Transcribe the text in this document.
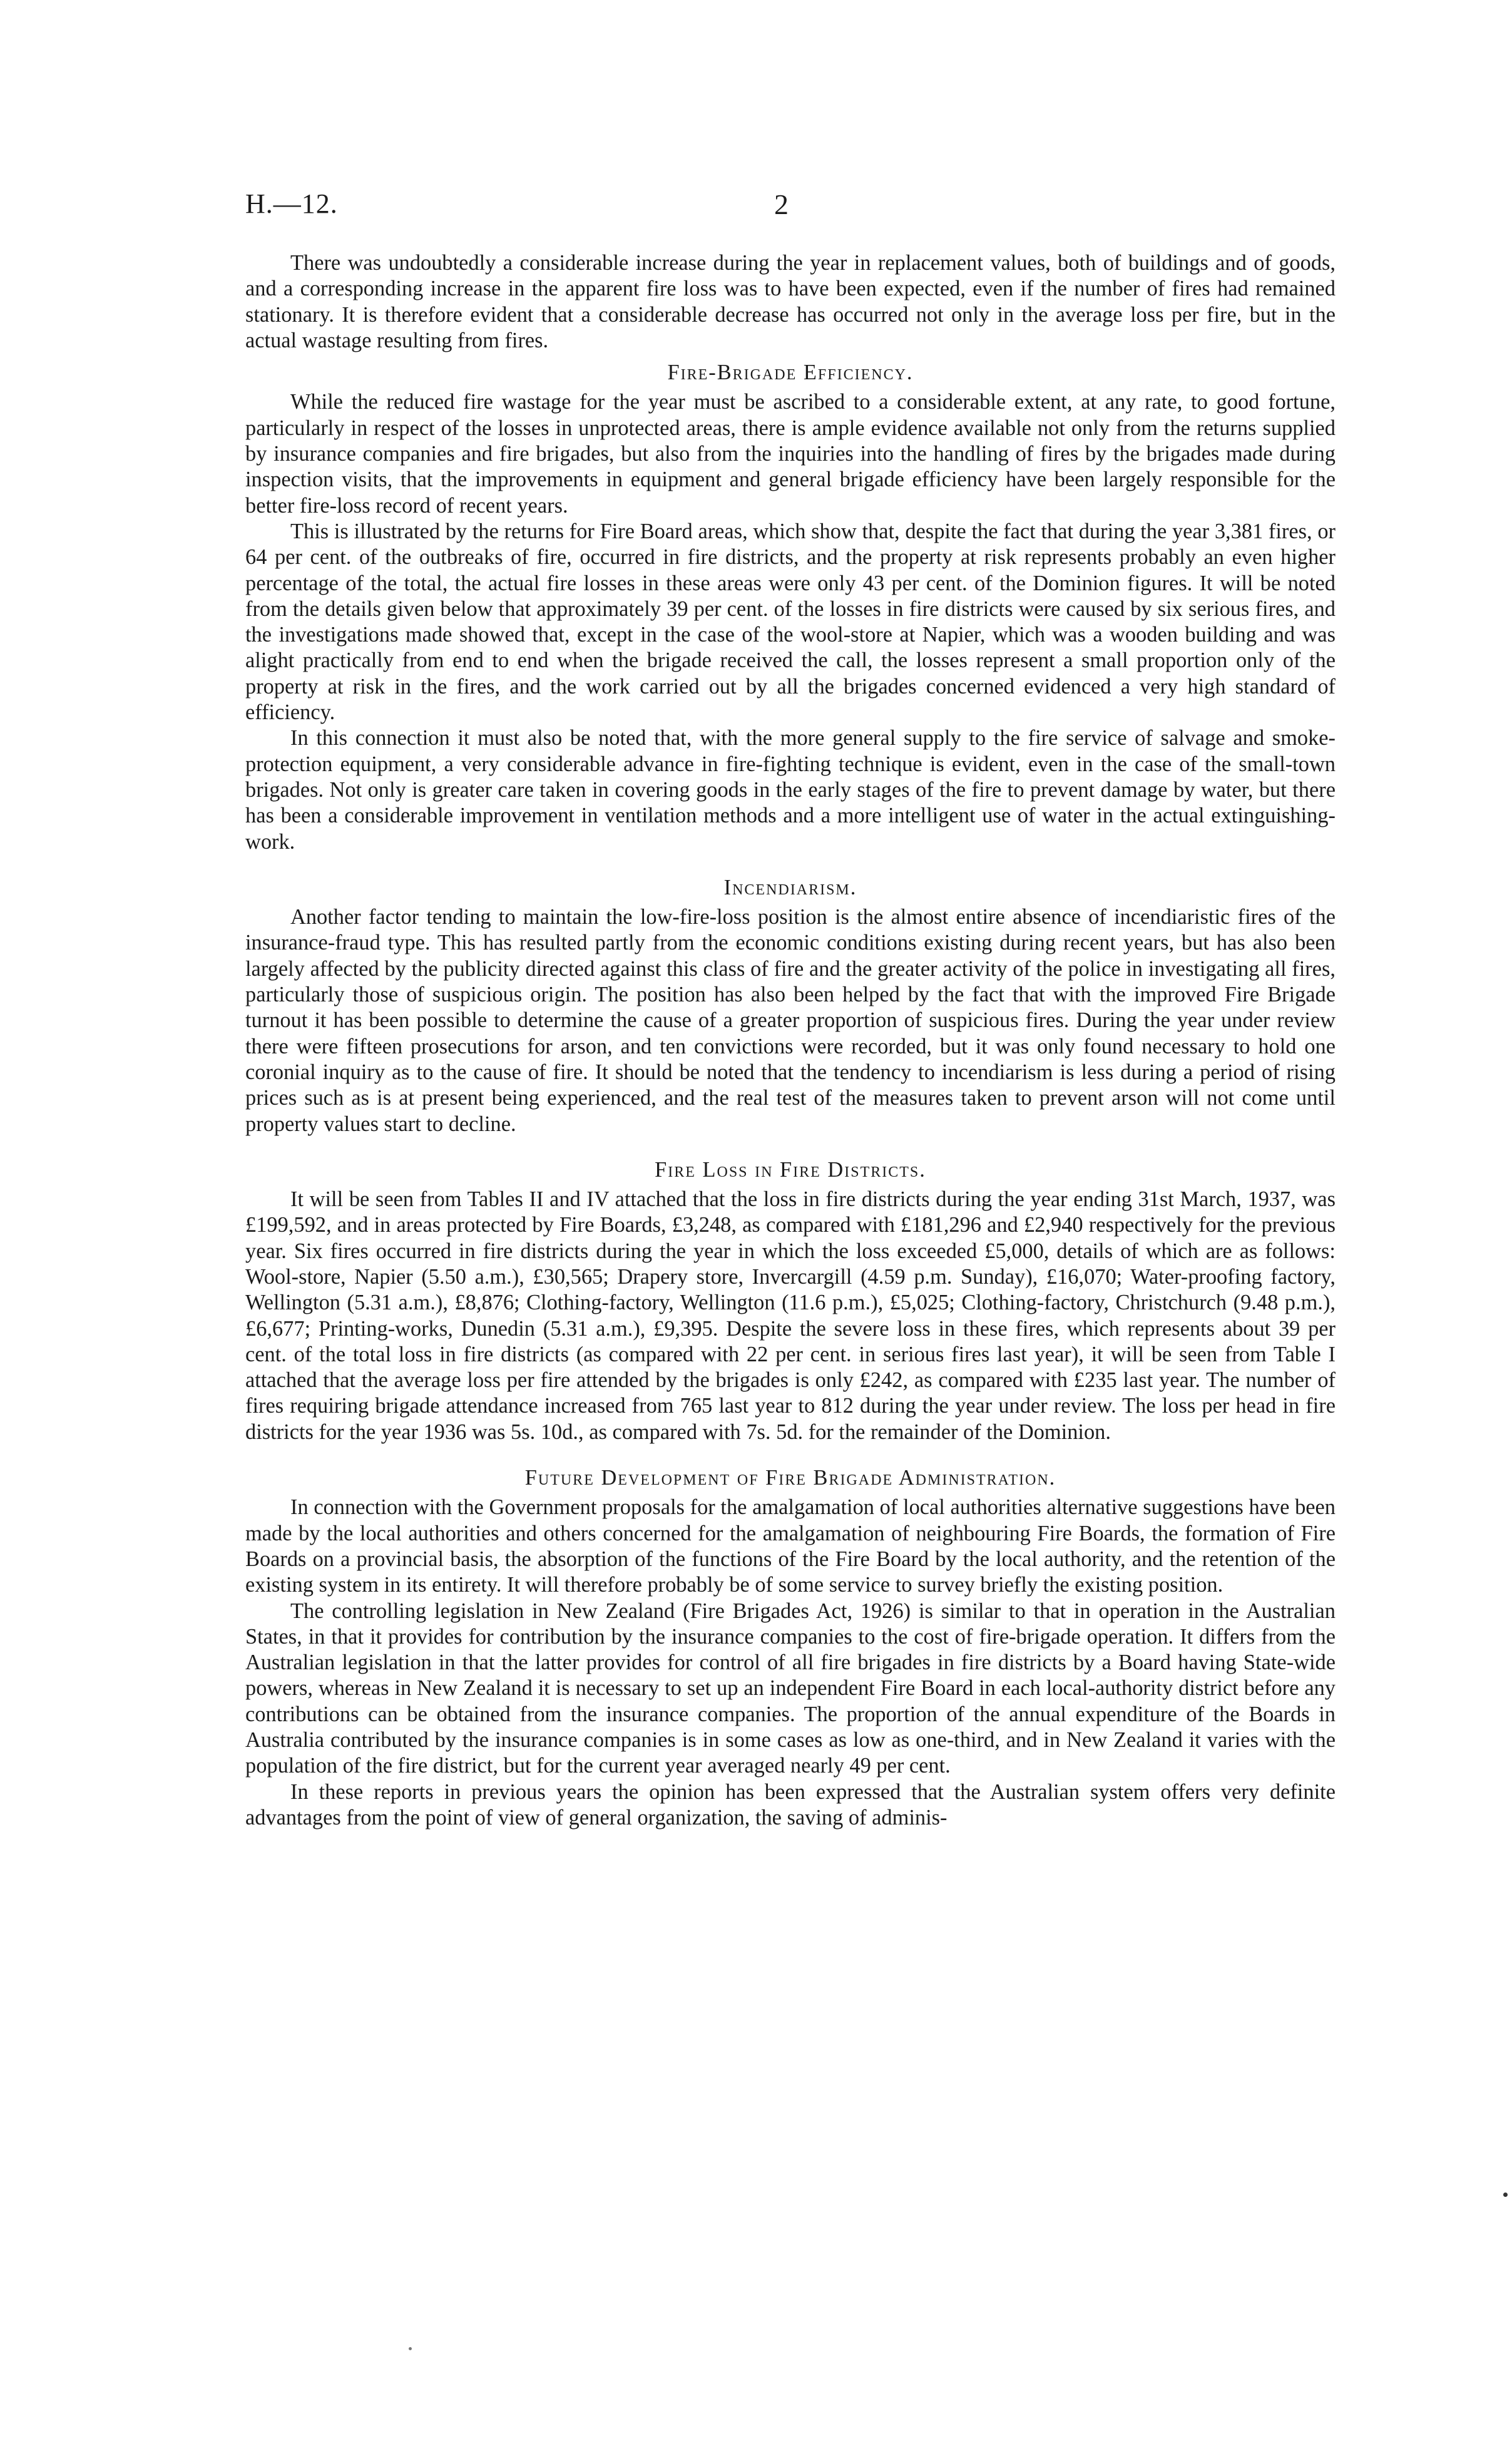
H.—12.	2

There was undoubtedly a considerable increase during the year in replacement values, both of buildings and of goods, and a corresponding increase in the apparent fire loss was to have been expected, even if the number of fires had remained stationary. It is therefore evident that a considerable decrease has occurred not only in the average loss per fire, but in the actual wastage resulting from fires.

Fire-Brigade Efficiency.

While the reduced fire wastage for the year must be ascribed to a considerable extent, at any rate, to good fortune, particularly in respect of the losses in unprotected areas, there is ample evidence available not only from the returns supplied by insurance companies and fire brigades, but also from the inquiries into the handling of fires by the brigades made during inspection visits, that the improvements in equipment and general brigade efficiency have been largely responsible for the better fire-loss record of recent years.

This is illustrated by the returns for Fire Board areas, which show that, despite the fact that during the year 3,381 fires, or 64 per cent. of the outbreaks of fire, occurred in fire districts, and the property at risk represents probably an even higher percentage of the total, the actual fire losses in these areas were only 43 per cent. of the Dominion figures. It will be noted from the details given below that approximately 39 per cent. of the losses in fire districts were caused by six serious fires, and the investigations made showed that, except in the case of the wool-store at Napier, which was a wooden building and was alight practically from end to end when the brigade received the call, the losses represent a small proportion only of the property at risk in the fires, and the work carried out by all the brigades concerned evidenced a very high standard of efficiency.

In this connection it must also be noted that, with the more general supply to the fire service of salvage and smoke-protection equipment, a very considerable advance in fire-fighting technique is evident, even in the case of the small-town brigades. Not only is greater care taken in covering goods in the early stages of the fire to prevent damage by water, but there has been a considerable improvement in ventilation methods and a more intelligent use of water in the actual extinguishing-work.

Incendiarism.

Another factor tending to maintain the low-fire-loss position is the almost entire absence of incendiaristic fires of the insurance-fraud type. This has resulted partly from the economic conditions existing during recent years, but has also been largely affected by the publicity directed against this class of fire and the greater activity of the police in investigating all fires, particularly those of suspicious origin. The position has also been helped by the fact that with the improved Fire Brigade turnout it has been possible to determine the cause of a greater proportion of suspicious fires. During the year under review there were fifteen prosecutions for arson, and ten convictions were recorded, but it was only found necessary to hold one coronial inquiry as to the cause of fire. It should be noted that the tendency to incendiarism is less during a period of rising prices such as is at present being experienced, and the real test of the measures taken to prevent arson will not come until property values start to decline.

Fire Loss in Fire Districts.

It will be seen from Tables II and IV attached that the loss in fire districts during the year ending 31st March, 1937, was £199,592, and in areas protected by Fire Boards, £3,248, as compared with £181,296 and £2,940 respectively for the previous year. Six fires occurred in fire districts during the year in which the loss exceeded £5,000, details of which are as follows: Wool-store, Napier (5.50 a.m.), £30,565; Drapery store, Invercargill (4.59 p.m. Sunday), £16,070; Water-proofing factory, Wellington (5.31 a.m.), £8,876; Clothing-factory, Wellington (11.6 p.m.), £5,025; Clothing-factory, Christchurch (9.48 p.m.), £6,677; Printing-works, Dunedin (5.31 a.m.), £9,395. Despite the severe loss in these fires, which represents about 39 per cent. of the total loss in fire districts (as compared with 22 per cent. in serious fires last year), it will be seen from Table I attached that the average loss per fire attended by the brigades is only £242, as compared with £235 last year. The number of fires requiring brigade attendance increased from 765 last year to 812 during the year under review. The loss per head in fire districts for the year 1936 was 5s. 10d., as compared with 7s. 5d. for the remainder of the Dominion.

Future Development of Fire Brigade Administration.

In connection with the Government proposals for the amalgamation of local authorities alternative suggestions have been made by the local authorities and others concerned for the amalgamation of neighbouring Fire Boards, the formation of Fire Boards on a provincial basis, the absorption of the functions of the Fire Board by the local authority, and the retention of the existing system in its entirety. It will therefore probably be of some service to survey briefly the existing position.

The controlling legislation in New Zealand (Fire Brigades Act, 1926) is similar to that in operation in the Australian States, in that it provides for contribution by the insurance companies to the cost of fire-brigade operation. It differs from the Australian legislation in that the latter provides for control of all fire brigades in fire districts by a Board having State-wide powers, whereas in New Zealand it is necessary to set up an independent Fire Board in each local-authority district before any contributions can be obtained from the insurance companies. The proportion of the annual expenditure of the Boards in Australia contributed by the insurance companies is in some cases as low as one-third, and in New Zealand it varies with the population of the fire district, but for the current year averaged nearly 49 per cent.

In these reports in previous years the opinion has been expressed that the Australian system offers very definite advantages from the point of view of general organization, the saving of adminis-
